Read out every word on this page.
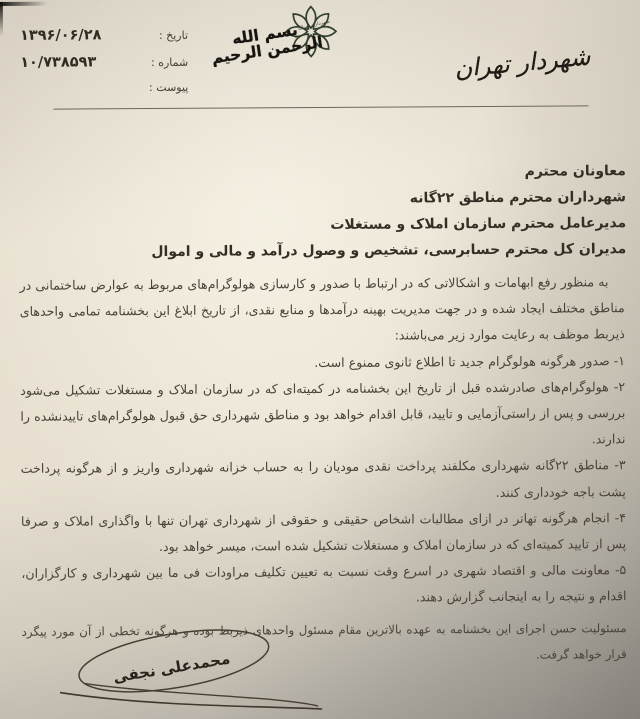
تاریخ :
۱۳۹۶/۰۶/۲۸
شماره :
۱۰/۷۳۸۵۹۳
پیوست :
شهرداری تهران
بسم الله الرحمن الرحیم	شهردار تهران
معاونان محترم
شهرداران محترم مناطق ۲۲گانه
مدیرعامل محترم سازمان املاک و مستغلات
مدیران کل محترم حسابرسی، تشخیص و وصول درآمد و مالی و اموال

به منظور رفع ابهامات و اشکالاتی که در ارتباط با صدور و کارسازی هولوگرام‌های مربوط به عوارض ساختمانی در مناطق مختلف ایجاد شده و در جهت مدیریت بهینه درآمدها و منابع نقدی، از تاریخ ابلاغ این بخشنامه تمامی واحدهای ذیربط موظف به رعایت موارد زیر می‌باشند:

۱- صدور هرگونه هولوگرام جدید تا اطلاع ثانوی ممنوع است.

۲- هولوگرام‌های صادرشده قبل از تاریخ این بخشنامه در کمیته‌ای که در سازمان املاک و مستغلات تشکیل می‌شود بررسی و پس از راستی‌آزمایی و تایید، قابل اقدام خواهد بود و مناطق شهرداری حق قبول هولوگرام‌های تاییدنشده را ندارند.

۳- مناطق ۲۲گانه شهرداری مکلفند پرداخت نقدی مودیان را به حساب خزانه شهرداری واریز و از هرگونه پرداخت پشت باجه خودداری کنند.

۴- انجام هرگونه تهاتر در ازای مطالبات اشخاص حقیقی و حقوقی از شهرداری تهران تنها با واگذاری املاک و صرفا پس از تایید کمیته‌ای که در سازمان املاک و مستغلات تشکیل شده است، میسر خواهد بود.

۵- معاونت مالی و اقتصاد شهری در اسرع وقت نسبت به تعیین تکلیف مراودات فی ما بین شهرداری و کارگزاران، اقدام و نتیجه را به اینجانب گزارش دهند.

مسئولیت حسن اجرای این بخشنامه به عهده بالاترین مقام مسئول واحدهای ذیربط بوده و هرگونه تخطی از آن مورد پیگرد قرار خواهد گرفت.

محمدعلی نجفی
